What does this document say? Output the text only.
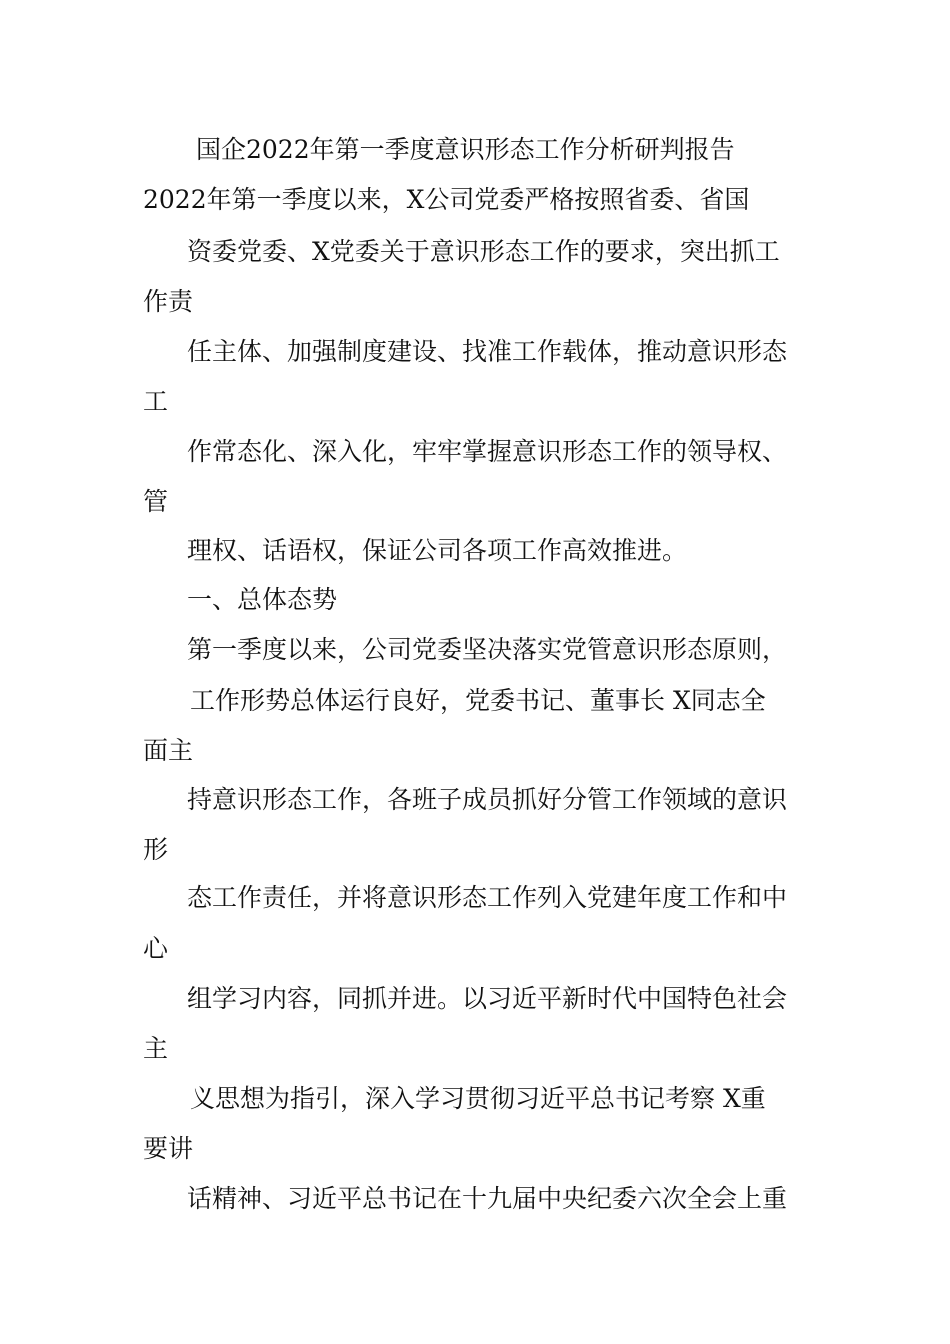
国企2022年第一季度意识形态工作分析研判报告
2022年第一季度以来，X公司党委严格按照省委、省国
资委党委、X党委关于意识形态工作的要求，突出抓工
作责
任主体、加强制度建设、找准工作载体，推动意识形态
工
作常态化、深入化，牢牢掌握意识形态工作的领导权、
管
理权、话语权，保证公司各项工作高效推进。
一、总体态势
第一季度以来，公司党委坚决落实党管意识形态原则，
工作形势总体运行良好，党委书记、董事长 X同志全
面主
持意识形态工作，各班子成员抓好分管工作领域的意识
形
态工作责任，并将意识形态工作列入党建年度工作和中
心
组学习内容，同抓并进。以习近平新时代中国特色社会
主
义思想为指引，深入学习贯彻习近平总书记考察 X重
要讲
话精神、习近平总书记在十九届中央纪委六次全会上重
